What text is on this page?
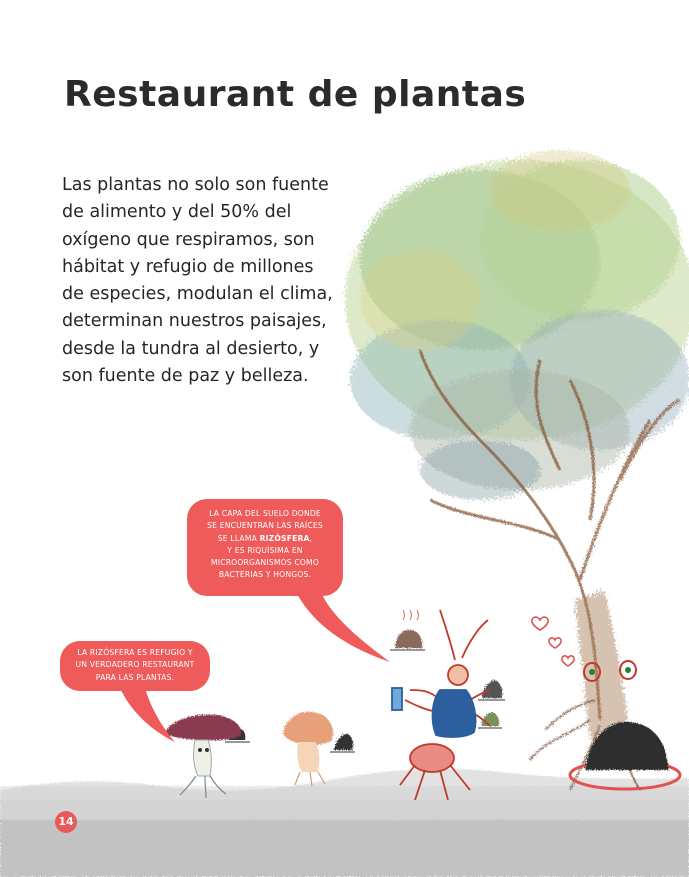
Restaurant de plantas
Las plantas no solo son fuente
de alimento y del 50% del
oxígeno que respiramos, son
hábitat y refugio de millones
de especies, modulan el clima,
determinan nuestros paisajes,
desde la tundra al desierto, y
son fuente de paz y belleza.
LA CAPA DEL SUELO DONDE
SE ENCUENTRAN LAS RAÍCES
SE LLAMA RIZÓSFERA,
Y ES RIQUÍSIMA EN
MICROORGANISMOS COMO
BACTERIAS Y HONGOS.
LA RIZÓSFERA ES REFUGIO Y
UN VERDADERO RESTAURANT
PARA LAS PLANTAS.
14
